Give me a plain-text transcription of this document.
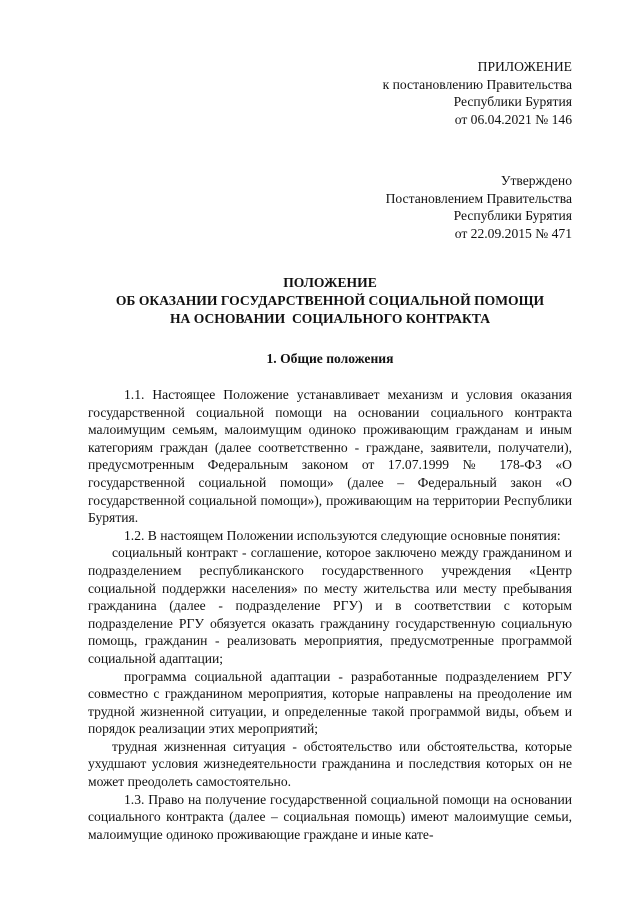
ПРИЛОЖЕНИЕ
к постановлению Правительства
Республики Бурятия
от 06.04.2021 № 146
Утверждено
Постановлением Правительства
Республики Бурятия
от 22.09.2015 № 471
ПОЛОЖЕНИЕ
ОБ ОКАЗАНИИ ГОСУДАРСТВЕННОЙ СОЦИАЛЬНОЙ ПОМОЩИ
НА ОСНОВАНИИ  СОЦИАЛЬНОГО КОНТРАКТА
1. Общие положения

1.1. Настоящее Положение устанавливает механизм и условия оказания государственной социальной помощи на основании социального контракта малоимущим семьям, малоимущим одиноко проживающим гражданам и иным категориям граждан (далее соответственно - граждане, заявители, получатели), предусмотренным Федеральным законом от 17.07.1999 № 178-ФЗ «О государственной социальной помощи» (далее – Федеральный закон «О государственной социальной помощи»), проживающим на территории Республики Бурятия.

1.2. В настоящем Положении используются следующие основные понятия:

социальный контракт - соглашение, которое заключено между гражданином и подразделением республиканского государственного учреждения «Центр социальной поддержки населения» по месту жительства или месту пребывания гражданина (далее - подразделение РГУ) и в соответствии с которым подразделение РГУ обязуется оказать гражданину государственную социальную помощь, гражданин - реализовать мероприятия, предусмотренные программой социальной адаптации;

программа социальной адаптации - разработанные подразделением РГУ совместно с гражданином мероприятия, которые направлены на преодоление им трудной жизненной ситуации, и определенные такой программой виды, объем и порядок реализации этих мероприятий;

трудная жизненная ситуация - обстоятельство или обстоятельства, которые ухудшают условия жизнедеятельности гражданина и последствия которых он не может преодолеть самостоятельно.

1.3. Право на получение государственной социальной помощи на основании социального контракта (далее – социальная помощь) имеют малоимущие семьи, малоимущие одиноко проживающие граждане и иные кате-
